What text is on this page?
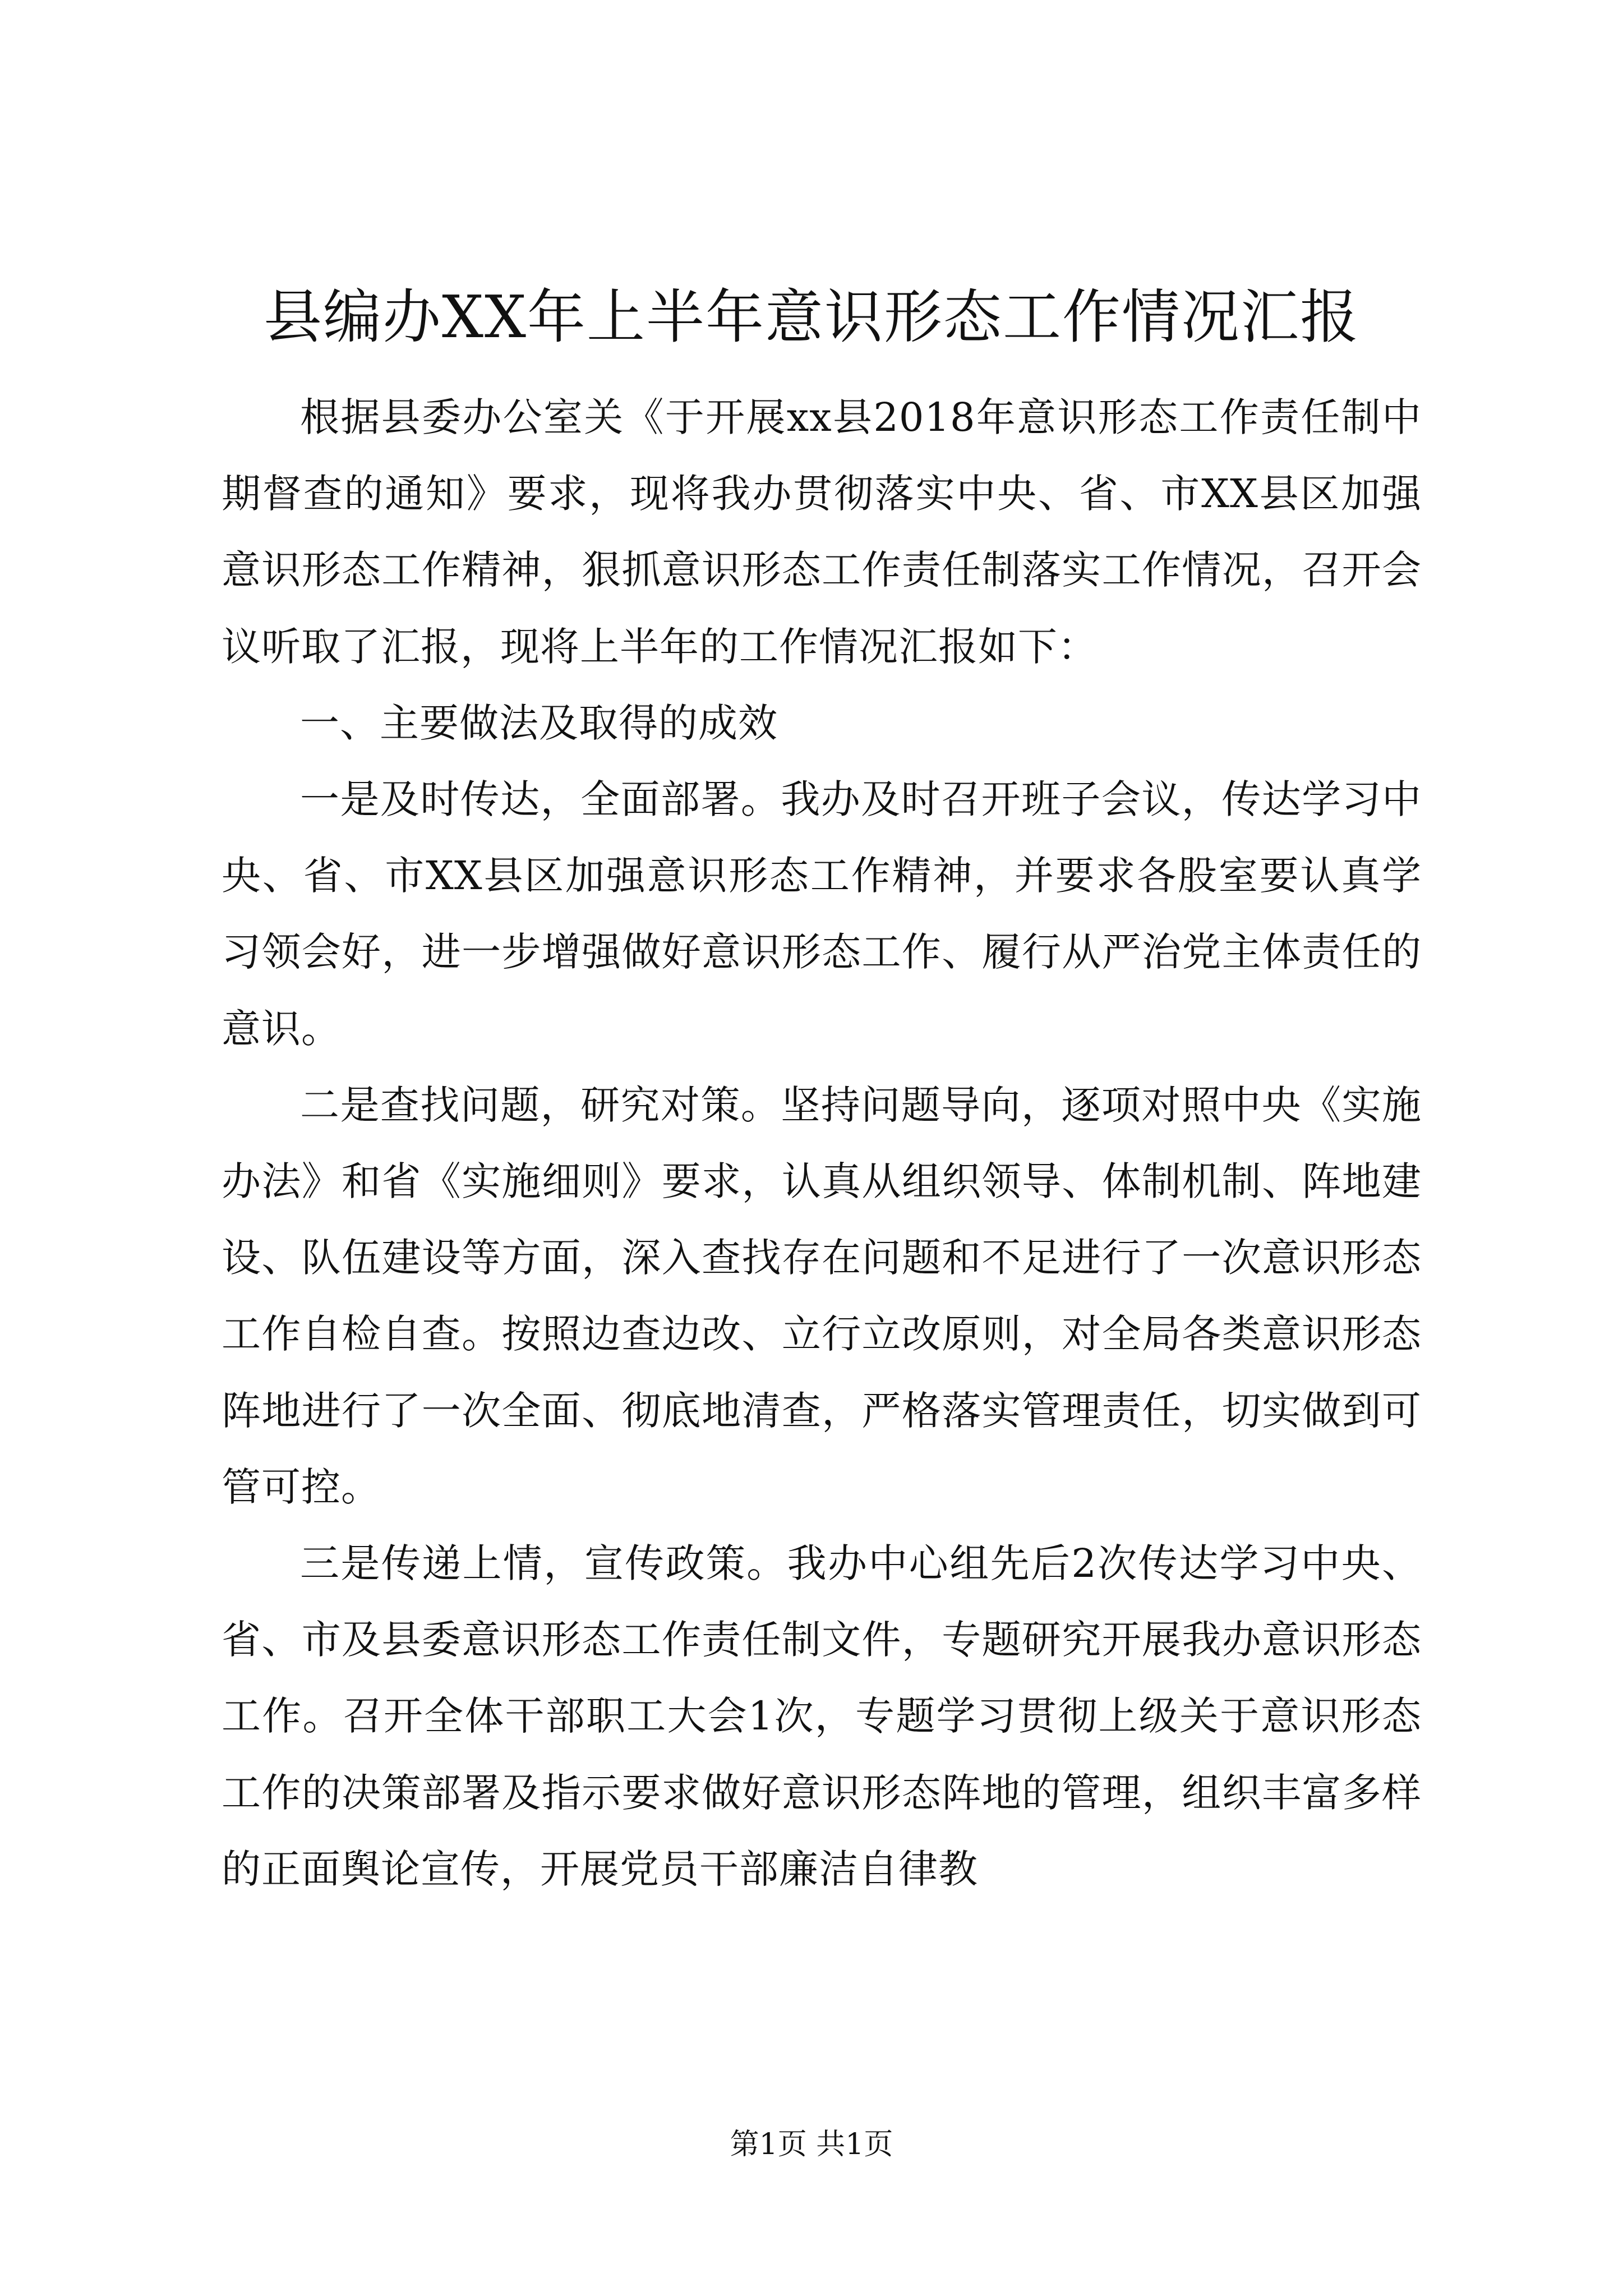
县编办XX年上半年意识形态工作情况汇报

根据县委办公室关《于开展xx县2018年意识形态工作责任制中期督查的通知》要求，现将我办贯彻落实中央、省、市XX县区加强意识形态工作精神，狠抓意识形态工作责任制落实工作情况，召开会议听取了汇报，现将上半年的工作情况汇报如下：

一、主要做法及取得的成效

一是及时传达，全面部署。我办及时召开班子会议，传达学习中央、省、市XX县区加强意识形态工作精神，并要求各股室要认真学习领会好，进一步增强做好意识形态工作、履行从严治党主体责任的意识。

二是查找问题，研究对策。坚持问题导向，逐项对照中央《实施办法》和省《实施细则》要求，认真从组织领导、体制机制、阵地建设、队伍建设等方面，深入查找存在问题和不足进行了一次意识形态工作自检自查。按照边查边改、立行立改原则，对全局各类意识形态阵地进行了一次全面、彻底地清查，严格落实管理责任，切实做到可管可控。

三是传递上情，宣传政策。我办中心组先后2次传达学习中央、省、市及县委意识形态工作责任制文件，专题研究开展我办意识形态工作。召开全体干部职工大会1次，专题学习贯彻上级关于意识形态工作的决策部署及指示要求做好意识形态阵地的管理，组织丰富多样的正面舆论宣传，开展党员干部廉洁自律教

第1页 共1页
